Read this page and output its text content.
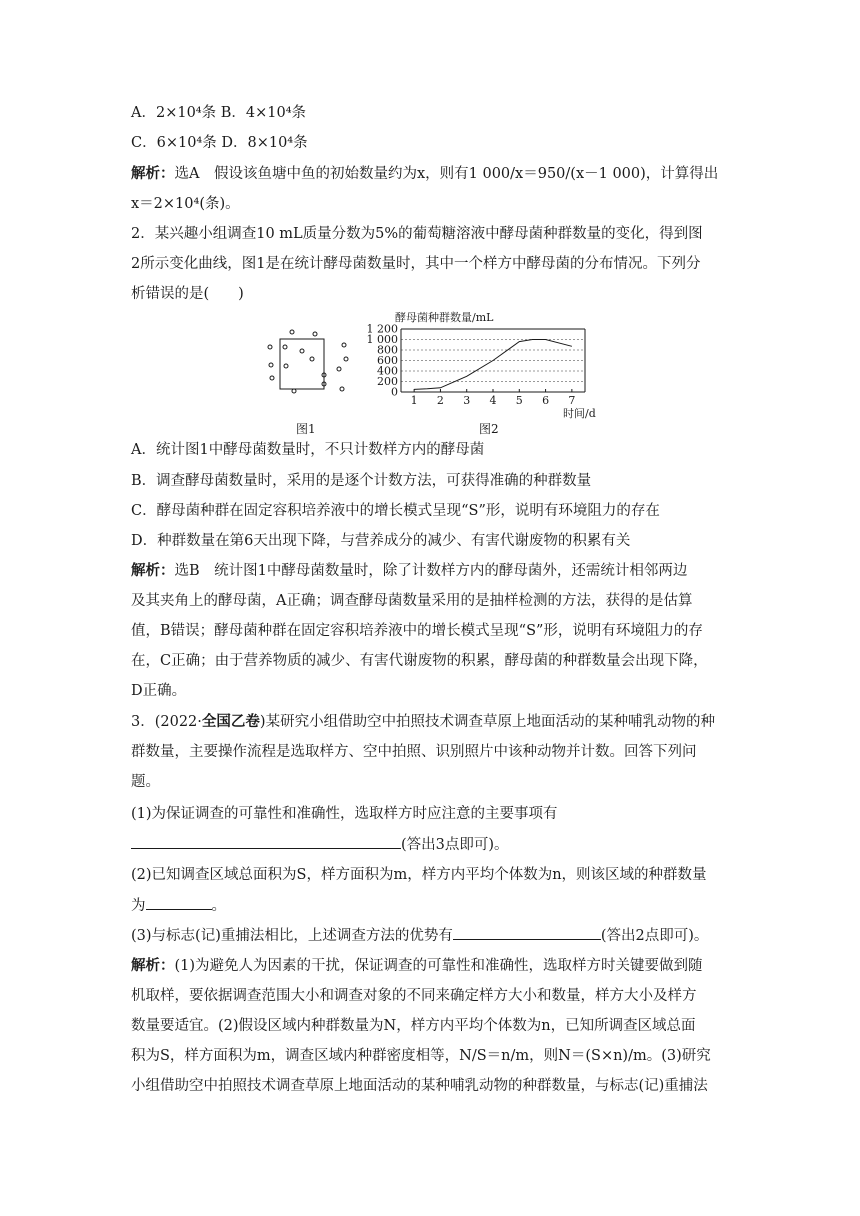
A．2×10⁴条 B．4×10⁴条
C．6×10⁴条 D．8×10⁴条
解析：选A　假设该鱼塘中鱼的初始数量约为x，则有1 000/x＝950/(x－1 000)，计算得出
x＝2×10⁴(条)。
2．某兴趣小组调查10 mL质量分数为5%的葡萄糖溶液中酵母菌种群数量的变化，得到图
2所示变化曲线，图1是在统计酵母菌数量时，其中一个样方中酵母菌的分布情况。下列分
析错误的是(　　)
图1
酵母菌种群数量/mL
0
200
400
600
800
1 000
1 200
1 2 3 4 5 6 7
时间/d
图2
A．统计图1中酵母菌数量时，不只计数样方内的酵母菌
B．调查酵母菌数量时，采用的是逐个计数方法，可获得准确的种群数量
C．酵母菌种群在固定容积培养液中的增长模式呈现“S”形，说明有环境阻力的存在
D．种群数量在第6天出现下降，与营养成分的减少、有害代谢废物的积累有关
解析：选B　统计图1中酵母菌数量时，除了计数样方内的酵母菌外，还需统计相邻两边
及其夹角上的酵母菌，A正确；调查酵母菌数量采用的是抽样检测的方法，获得的是估算
值，B错误；酵母菌种群在固定容积培养液中的增长模式呈现“S”形，说明有环境阻力的存
在，C正确；由于营养物质的减少、有害代谢废物的积累，酵母菌的种群数量会出现下降，
D正确。
3．(2022·全国乙卷)某研究小组借助空中拍照技术调查草原上地面活动的某种哺乳动物的种
群数量，主要操作流程是选取样方、空中拍照、识别照片中该种动物并计数。回答下列问
题。
(1)为保证调查的可靠性和准确性，选取样方时应注意的主要事项有
(答出3点即可)。
(2)已知调查区域总面积为S，样方面积为m，样方内平均个体数为n，则该区域的种群数量
为	。
(3)与标志(记)重捕法相比，上述调查方法的优势有	(答出2点即可)。
解析：(1)为避免人为因素的干扰，保证调查的可靠性和准确性，选取样方时关键要做到随
机取样，要依据调查范围大小和调查对象的不同来确定样方大小和数量，样方大小及样方
数量要适宜。(2)假设区域内种群数量为N，样方内平均个体数为n，已知所调查区域总面
积为S，样方面积为m，调查区域内种群密度相等，N/S＝n/m，则N＝(S×n)/m。(3)研究
小组借助空中拍照技术调查草原上地面活动的某种哺乳动物的种群数量，与标志(记)重捕法
